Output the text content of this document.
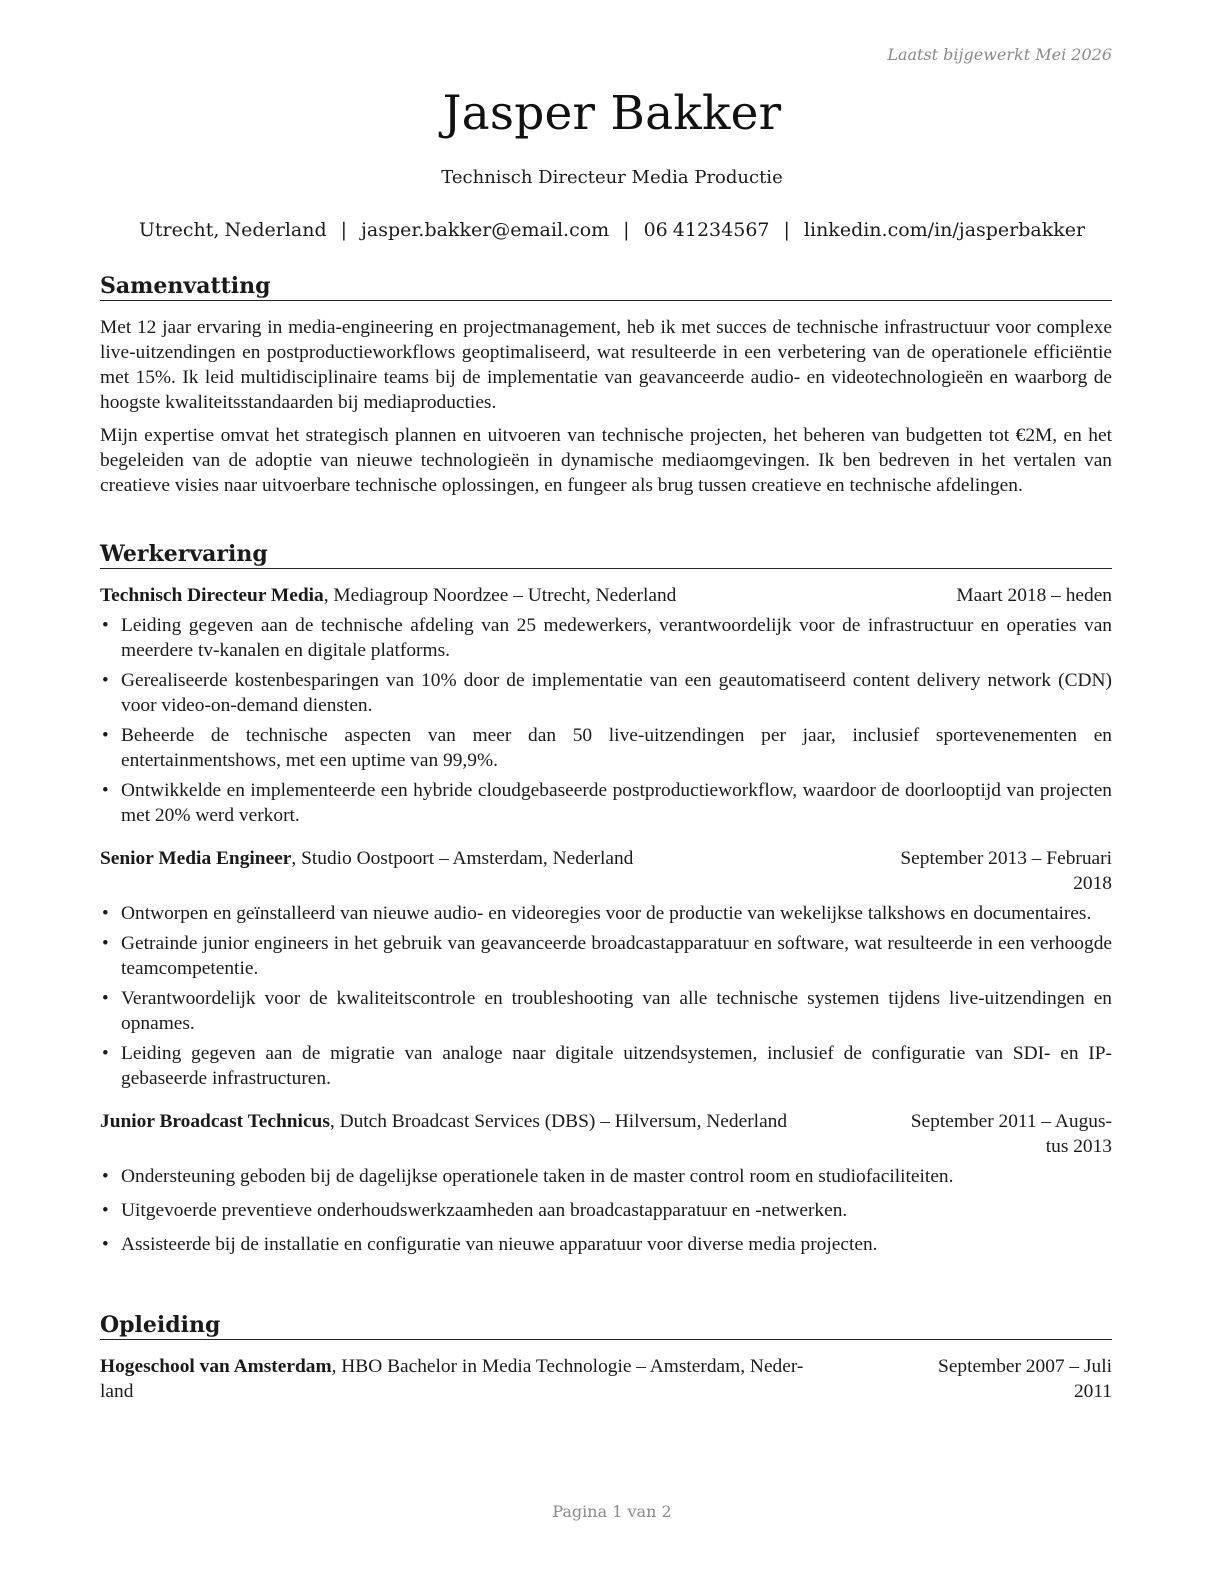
Laatst bijgewerkt Mei 2026
Jasper Bakker
Technisch Directeur Media Productie
Utrecht, Nederland | jasper.bakker@email.com | 06 41234567 | linkedin.com/in/jasperbakker
Samenvatting

Met 12 jaar ervaring in media-engineering en projectmanagement, heb ik met succes de technische infrastructuur voor complexe live-uitzendingen en postproductieworkflows geoptimaliseerd, wat resulteerde in een verbetering van de operationele efficiëntie met 15%. Ik leid multidisciplinaire teams bij de implementatie van geavanceerde audio- en videotechnologieën en waarborg de hoogste kwaliteitsstandaarden bij mediaproducties.

Mijn expertise omvat het strategisch plannen en uitvoeren van technische projecten, het beheren van budgetten tot €2M, en het begeleiden van de adoptie van nieuwe technologieën in dynamische mediaomgevingen. Ik ben bedreven in het vertalen van creatieve visies naar uitvoerbare technische oplossingen, en fungeer als brug tussen creatieve en technische afdelingen.

Werkervaring
Technisch Directeur Media, Mediagroup Noordzee – Utrecht, Nederland	Maart 2018 – heden
• Leiding gegeven aan de technische afdeling van 25 medewerkers, verantwoordelijk voor de infrastructuur en operaties van meerdere tv-kanalen en digitale platforms.
• Gerealiseerde kostenbesparingen van 10% door de implementatie van een geautomatiseerd content delivery network (CDN) voor video-on-demand diensten.
• Beheerde de technische aspecten van meer dan 50 live-uitzendingen per jaar, inclusief sportevenementen en entertainmentshows, met een uptime van 99,9%.
• Ontwikkelde en implementeerde een hybride cloudgebaseerde postproductieworkflow, waardoor de doorlooptijd van projecten met 20% werd verkort.
Senior Media Engineer, Studio Oostpoort – Amsterdam, Nederland	September 2013 – Februari
2018
• Ontworpen en geïnstalleerd van nieuwe audio- en videoregies voor de productie van wekelijkse talkshows en documentaires.
• Getrainde junior engineers in het gebruik van geavanceerde broadcastapparatuur en software, wat resulteerde in een verhoogde teamcompetentie.
• Verantwoordelijk voor de kwaliteitscontrole en troubleshooting van alle technische systemen tijdens live-uitzendingen en opnames.
• Leiding gegeven aan de migratie van analoge naar digitale uitzendsystemen, inclusief de configuratie van SDI- en IP-gebaseerde infrastructuren.
Junior Broadcast Technicus, Dutch Broadcast Services (DBS) – Hilversum, Nederland	September 2011 – Augus-
tus 2013
• Ondersteuning geboden bij de dagelijkse operationele taken in de master control room en studiofaciliteiten.
• Uitgevoerde preventieve onderhoudswerkzaamheden aan broadcastapparatuur en -netwerken.
• Assisteerde bij de installatie en configuratie van nieuwe apparatuur voor diverse media projecten.
Opleiding
Hogeschool van Amsterdam, HBO Bachelor in Media Technologie – Amsterdam, Neder-
land
September 2007 – Juli
2011
Pagina 1 van 2
